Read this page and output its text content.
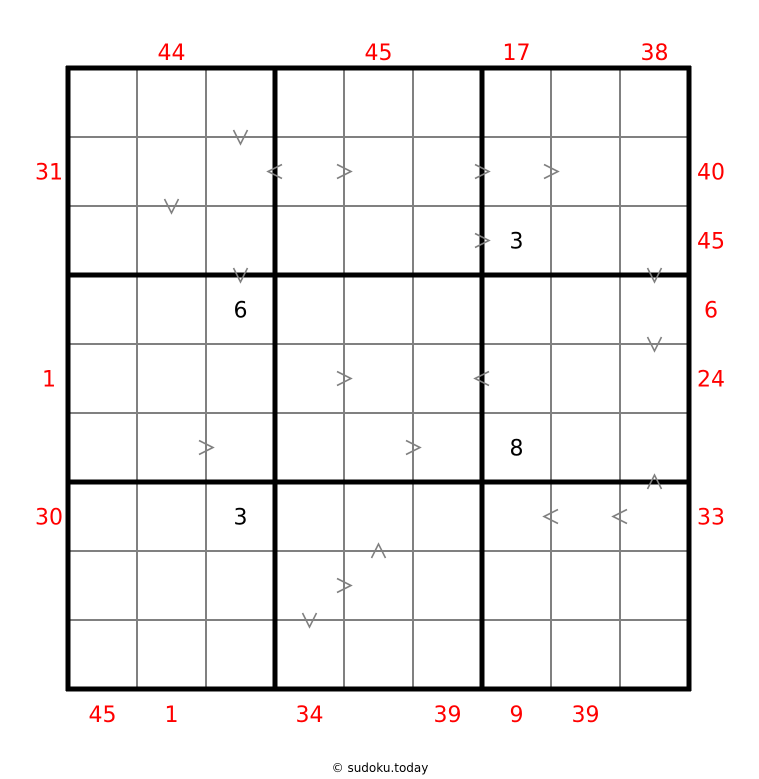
3
6
8
3
44	45	17	38
45 1	34	39 9 39
31
1
30
40
45
6
24
33
© sudoku.today
